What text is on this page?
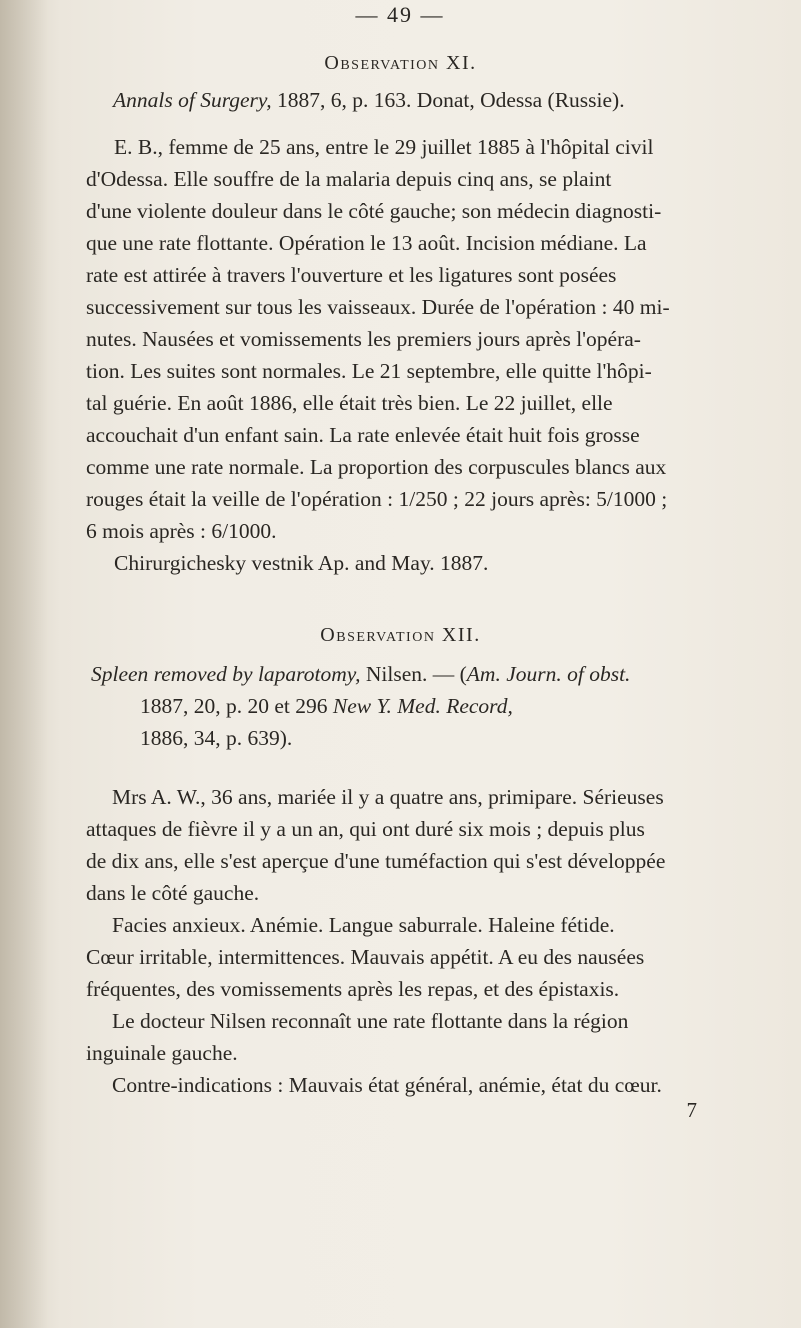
— 49 —
Observation XI.
Annals of Surgery, 1887, 6, p. 163. Donat, Odessa (Russie).
E. B., femme de 25 ans, entre le 29 juillet 1885 à l'hôpital civil
d'Odessa. Elle souffre de la malaria depuis cinq ans, se plaint
d'une violente douleur dans le côté gauche; son médecin diagnosti-
que une rate flottante. Opération le 13 août. Incision médiane. La
rate est attirée à travers l'ouverture et les ligatures sont posées
successivement sur tous les vaisseaux. Durée de l'opération : 40 mi-
nutes. Nausées et vomissements les premiers jours après l'opéra-
tion. Les suites sont normales. Le 21 septembre, elle quitte l'hôpi-
tal guérie. En août 1886, elle était très bien. Le 22 juillet, elle
accouchait d'un enfant sain. La rate enlevée était huit fois grosse
comme une rate normale. La proportion des corpuscules blancs aux
rouges était la veille de l'opération : 1/250 ; 22 jours après: 5/1000 ;
6 mois après : 6/1000.
Chirurgichesky vestnik Ap. and May. 1887.
Observation XII.
Spleen removed by laparotomy, Nilsen. — (Am. Journ. of obst.
1887, 20, p. 20 et 296 New Y. Med. Record,
1886, 34, p. 639).
Mrs A. W., 36 ans, mariée il y a quatre ans, primipare. Sérieuses
attaques de fièvre il y a un an, qui ont duré six mois ; depuis plus
de dix ans, elle s'est aperçue d'une tuméfaction qui s'est développée
dans le côté gauche.
Facies anxieux. Anémie. Langue saburrale. Haleine fétide.
Cœur irritable, intermittences. Mauvais appétit. A eu des nausées
fréquentes, des vomissements après les repas, et des épistaxis.
Le docteur Nilsen reconnaît une rate flottante dans la région
inguinale gauche.
Contre-indications : Mauvais état général, anémie, état du cœur.
7
